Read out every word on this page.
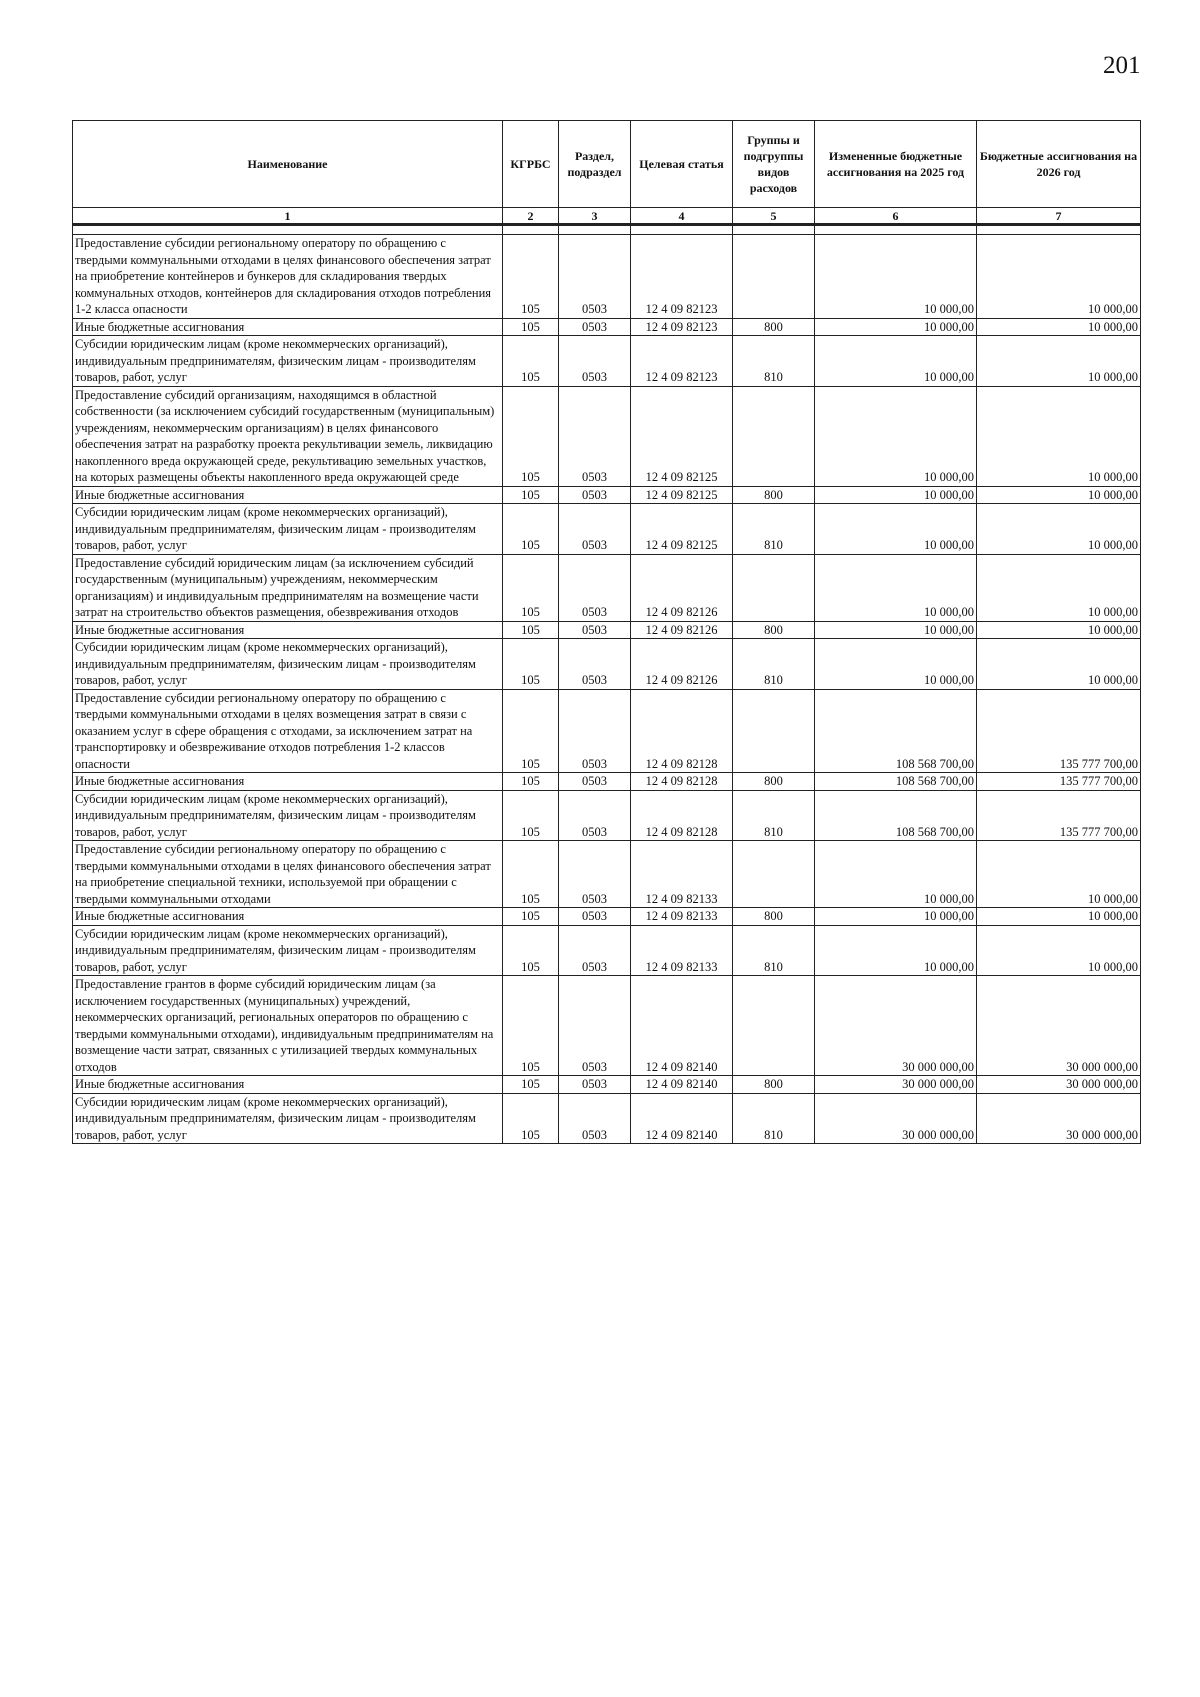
201
Наименование	КГРБС	Раздел, подраздел	Целевая статья	Группы и подгруппы видов расходов	Измененные бюджетные ассигнования на 2025 год	Бюджетные ассигнования на 2026 год
1	2	3	4	5	6	7

Предоставление субсидии региональному оператору по обращению с твердыми коммунальными отходами в целях финансового обеспечения затрат на приобретение контейнеров и бункеров для складирования твердых коммунальных отходов, контейнеров для складирования отходов потребления 1-2 класса опасности	105	0503	12 4 09 82123		10 000,00	10 000,00
Иные бюджетные ассигнования	105	0503	12 4 09 82123	800	10 000,00	10 000,00
Субсидии юридическим лицам (кроме некоммерческих организаций), индивидуальным предпринимателям, физическим лицам - производителям товаров, работ, услуг	105	0503	12 4 09 82123	810	10 000,00	10 000,00
Предоставление субсидий организациям, находящимся в областной собственности (за исключением субсидий государственным (муниципальным) учреждениям, некоммерческим организациям) в целях финансового обеспечения затрат на разработку проекта рекультивации земель, ликвидацию накопленного вреда окружающей среде, рекультивацию земельных участков, на которых размещены объекты накопленного вреда окружающей среде	105	0503	12 4 09 82125		10 000,00	10 000,00
Иные бюджетные ассигнования	105	0503	12 4 09 82125	800	10 000,00	10 000,00
Субсидии юридическим лицам (кроме некоммерческих организаций), индивидуальным предпринимателям, физическим лицам - производителям товаров, работ, услуг	105	0503	12 4 09 82125	810	10 000,00	10 000,00
Предоставление субсидий юридическим лицам (за исключением субсидий государственным (муниципальным) учреждениям, некоммерческим организациям) и индивидуальным предпринимателям на возмещение части затрат на строительство объектов размещения, обезвреживания отходов	105	0503	12 4 09 82126		10 000,00	10 000,00
Иные бюджетные ассигнования	105	0503	12 4 09 82126	800	10 000,00	10 000,00
Субсидии юридическим лицам (кроме некоммерческих организаций), индивидуальным предпринимателям, физическим лицам - производителям товаров, работ, услуг	105	0503	12 4 09 82126	810	10 000,00	10 000,00
Предоставление субсидии региональному оператору по обращению с твердыми коммунальными отходами в целях возмещения затрат в связи с оказанием услуг в сфере обращения с отходами, за исключением затрат на транспортировку и обезвреживание отходов потребления 1-2 классов опасности	105	0503	12 4 09 82128		108 568 700,00	135 777 700,00
Иные бюджетные ассигнования	105	0503	12 4 09 82128	800	108 568 700,00	135 777 700,00
Субсидии юридическим лицам (кроме некоммерческих организаций), индивидуальным предпринимателям, физическим лицам - производителям товаров, работ, услуг	105	0503	12 4 09 82128	810	108 568 700,00	135 777 700,00
Предоставление субсидии региональному оператору по обращению с твердыми коммунальными отходами в целях финансового обеспечения затрат на приобретение специальной техники, используемой при обращении с твердыми коммунальными отходами	105	0503	12 4 09 82133		10 000,00	10 000,00
Иные бюджетные ассигнования	105	0503	12 4 09 82133	800	10 000,00	10 000,00
Субсидии юридическим лицам (кроме некоммерческих организаций), индивидуальным предпринимателям, физическим лицам - производителям товаров, работ, услуг	105	0503	12 4 09 82133	810	10 000,00	10 000,00
Предоставление грантов в форме субсидий юридическим лицам (за исключением государственных (муниципальных) учреждений, некоммерческих организаций, региональных операторов по обращению с твердыми коммунальными отходами), индивидуальным предпринимателям на возмещение части затрат, связанных с утилизацией твердых коммунальных отходов	105	0503	12 4 09 82140		30 000 000,00	30 000 000,00
Иные бюджетные ассигнования	105	0503	12 4 09 82140	800	30 000 000,00	30 000 000,00
Субсидии юридическим лицам (кроме некоммерческих организаций), индивидуальным предпринимателям, физическим лицам - производителям товаров, работ, услуг	105	0503	12 4 09 82140	810	30 000 000,00	30 000 000,00
